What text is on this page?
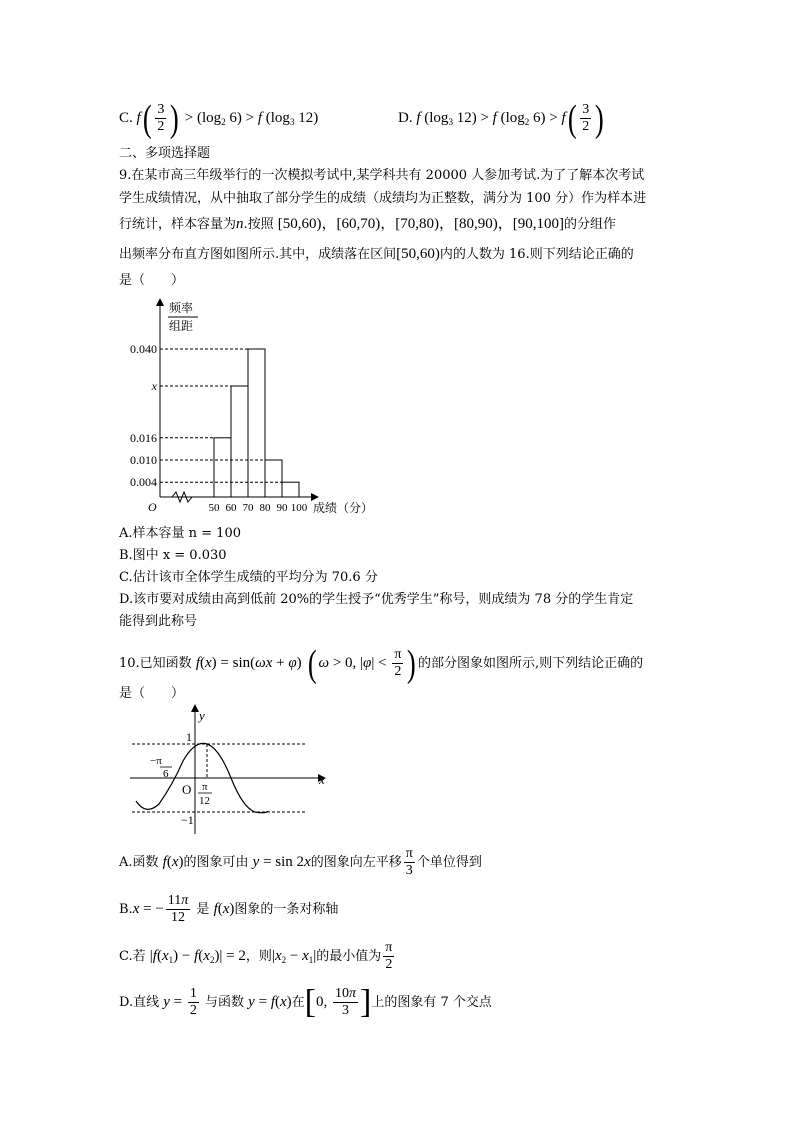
C. $f( \frac{3}{2}$ ) > ($\log_2$ 6) > f ($\log_3$ 12)	D. f ($\log_3$ 12) > f ($\log_2$ $6) > f( \frac{3}{2}$ )
二、多项选择题
9.在某市高三年级举行的一次模拟考试中,某学科共有 20000 人参加考试.为了了解本次考试
学生成绩情况，从中抽取了部分学生的成绩（成绩均为正整数，满分为 100 分）作为样本进
行统计，样本容量为n.按照 [50,60)，[60,70)，[70,80)，[80,90)，[90,100]的分组作
出频率分布直方图如图所示.其中，成绩落在区间[50,60)内的人数为 16.则下列结论正确的
是（　　）
频率
组距
O	成绩（分）
0.040
x
0.016
0.010
0.004
50 60 70 80 90 100
A.样本容量 n = 100
B.图中 x = 0.030
C.估计该市全体学生成绩的平均分为 70.6 分
D.该市要对成绩由高到低前 20%的学生授予“优秀学生”称号，则成绩为 78 分的学生肯定
能得到此称号
10.已知函数 f(x) = sin(ωx + φ) ( ω > 0, $|\varphi| < \frac{\pi}{2}$ ) 的部分图象如图所示,则下列结论正确的
是（　　）
y
x
1
−1
O
−π
6
π
12
A.函数 f(x)的图象可由 y = sin 2x的图象向左平移 $\frac{\pi}{3}$ 个单位得到
B.x = − $\frac{11\pi}{12}$ 是 f(x)图象的一条对称轴
C.若 $|f(x_1) - f(x_2)| = 2$，则$|x_2 - x_1|$的最小值为 $\frac{\pi}{2}$
D.直线 $y = \frac{1}{2}$ 与函数 y = f(x)在[0, $\frac{10\pi}{3}$ ]上的图象有 7 个交点
